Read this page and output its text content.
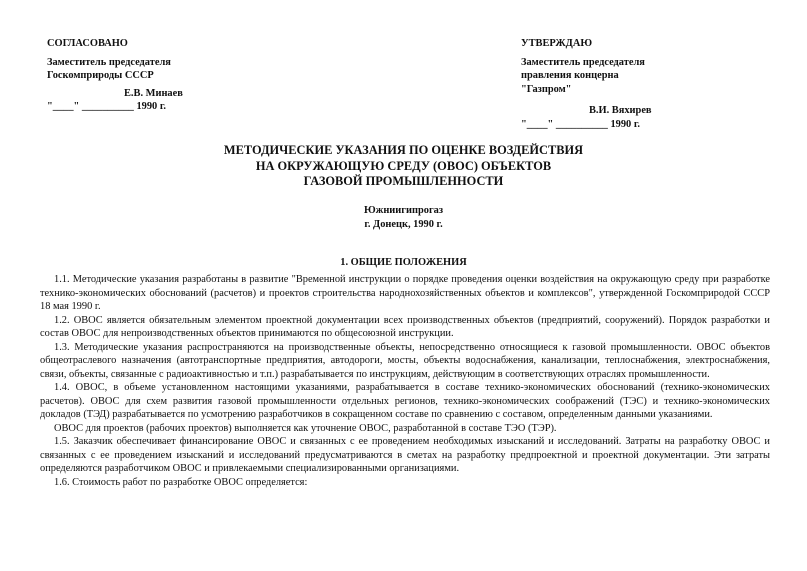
СОГЛАСОВАНО
Заместитель председателя
Госкомприроды СССР
Е.В. Минаев
"____" __________ 1990 г.
УТВЕРЖДАЮ
Заместитель председателя
правления концерна
"Газпром"
В.И. Вяхирев
"____" __________ 1990 г.
МЕТОДИЧЕСКИЕ УКАЗАНИЯ ПО ОЦЕНКЕ ВОЗДЕЙСТВИЯ
НА ОКРУЖАЮЩУЮ СРЕДУ (ОВОС) ОБЪЕКТОВ
ГАЗОВОЙ ПРОМЫШЛЕННОСТИ
Южниигипрогаз
г. Донецк, 1990 г.
1. ОБЩИЕ ПОЛОЖЕНИЯ

1.1. Методические указания разработаны в развитие "Временной инструкции о порядке проведения оценки воздействия на окружающую среду при разработке технико-экономических обоснований (расчетов) и проектов строительства народнохозяйственных объектов и комплексов", утвержденной Госкомприродой СССР 18 мая 1990 г.

1.2. ОВОС является обязательным элементом проектной документации всех производственных объектов (предприятий, сооружений). Порядок разработки и состав ОВОС для непроизводственных объектов принимаются по общесоюзной инструкции.

1.3. Методические указания распространяются на производственные объекты, непосредственно относящиеся к газовой промышленности. ОВОС объектов общеотраслевого назначения (автотранспортные предприятия, автодороги, мосты, объекты водоснабжения, канализации, теплоснабжения, электроснабжения, связи, объекты, связанные с радиоактивностью и т.п.) разрабатывается по инструкциям, действующим в соответствующих отраслях промышленности.

1.4. ОВОС, в объеме установленном настоящими указаниями, разрабатывается в составе технико-экономических обоснований (технико-экономических расчетов). ОВОС для схем развития газовой промышленности отдельных регионов, технико-экономических соображений (ТЭС) и технико-экономических докладов (ТЭД) разрабатывается по усмотрению разработчиков в сокращенном составе по сравнению с составом, определенным данными указаниями.

ОВОС для проектов (рабочих проектов) выполняется как уточнение ОВОС, разработанной в составе ТЭО (ТЭР).

1.5. Заказчик обеспечивает финансирование ОВОС и связанных с ее проведением необходимых изысканий и исследований. Затраты на разработку ОВОС и связанных с ее проведением изысканий и исследований предусматриваются в сметах на разработку предпроектной и проектной документации. Эти затраты определяются разработчиком ОВОС и привлекаемыми специализированными организациями.

1.6. Стоимость работ по разработке ОВОС определяется:
